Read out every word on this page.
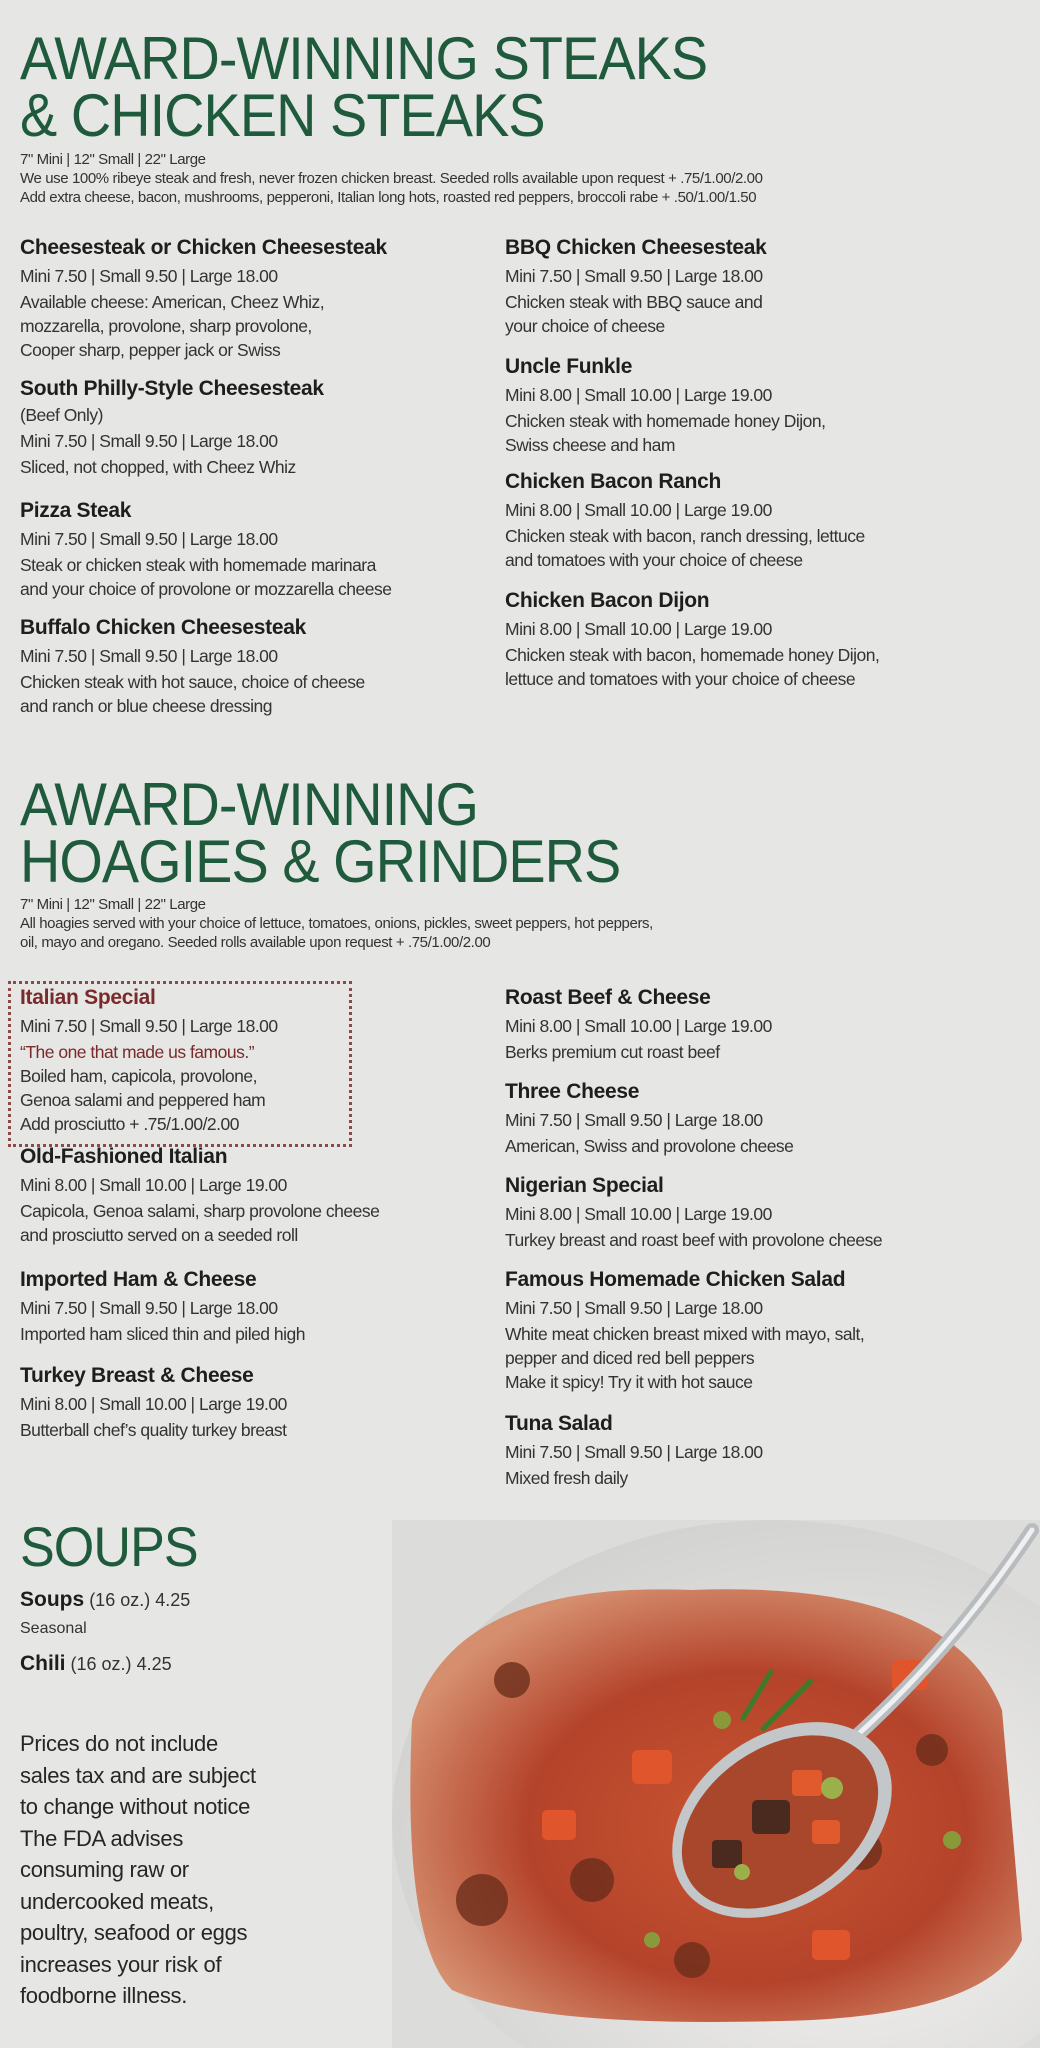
AWARD-WINNING STEAKS
& CHICKEN STEAKS
7" Mini | 12" Small | 22" Large
We use 100% ribeye steak and fresh, never frozen chicken breast. Seeded rolls available upon request + .75/1.00/2.00
Add extra cheese, bacon, mushrooms, pepperoni, Italian long hots, roasted red peppers, broccoli rabe + .50/1.00/1.50
Cheesesteak or Chicken Cheesesteak
Mini 7.50 | Small 9.50 | Large 18.00
Available cheese: American, Cheez Whiz,
mozzarella, provolone, sharp provolone,
Cooper sharp, pepper jack or Swiss
South Philly-Style Cheesesteak
(Beef Only)
Mini 7.50 | Small 9.50 | Large 18.00
Sliced, not chopped, with Cheez Whiz
Pizza Steak
Mini 7.50 | Small 9.50 | Large 18.00
Steak or chicken steak with homemade marinara
and your choice of provolone or mozzarella cheese
Buffalo Chicken Cheesesteak
Mini 7.50 | Small 9.50 | Large 18.00
Chicken steak with hot sauce, choice of cheese
and ranch or blue cheese dressing
BBQ Chicken Cheesesteak
Mini 7.50 | Small 9.50 | Large 18.00
Chicken steak with BBQ sauce and
your choice of cheese
Uncle Funkle
Mini 8.00 | Small 10.00 | Large 19.00
Chicken steak with homemade honey Dijon,
Swiss cheese and ham
Chicken Bacon Ranch
Mini 8.00 | Small 10.00 | Large 19.00
Chicken steak with bacon, ranch dressing, lettuce
and tomatoes with your choice of cheese
Chicken Bacon Dijon
Mini 8.00 | Small 10.00 | Large 19.00
Chicken steak with bacon, homemade honey Dijon,
lettuce and tomatoes with your choice of cheese
AWARD-WINNING
HOAGIES & GRINDERS
7" Mini | 12" Small | 22" Large
All hoagies served with your choice of lettuce, tomatoes, onions, pickles, sweet peppers, hot peppers,
oil, mayo and oregano. Seeded rolls available upon request + .75/1.00/2.00
Italian Special
Mini 7.50 | Small 9.50 | Large 18.00
“The one that made us famous.”
Boiled ham, capicola, provolone,
Genoa salami and peppered ham
Add prosciutto + .75/1.00/2.00
Old-Fashioned Italian
Mini 8.00 | Small 10.00 | Large 19.00
Capicola, Genoa salami, sharp provolone cheese
and prosciutto served on a seeded roll
Imported Ham & Cheese
Mini 7.50 | Small 9.50 | Large 18.00
Imported ham sliced thin and piled high
Turkey Breast & Cheese
Mini 8.00 | Small 10.00 | Large 19.00
Butterball chef’s quality turkey breast
Roast Beef & Cheese
Mini 8.00 | Small 10.00 | Large 19.00
Berks premium cut roast beef
Three Cheese
Mini 7.50 | Small 9.50 | Large 18.00
American, Swiss and provolone cheese
Nigerian Special
Mini 8.00 | Small 10.00 | Large 19.00
Turkey breast and roast beef with provolone cheese
Famous Homemade Chicken Salad
Mini 7.50 | Small 9.50 | Large 18.00
White meat chicken breast mixed with mayo, salt,
pepper and diced red bell peppers
Make it spicy! Try it with hot sauce
Tuna Salad
Mini 7.50 | Small 9.50 | Large 18.00
Mixed fresh daily
SOUPS
Soups (16 oz.) 4.25
Seasonal
Chili (16 oz.) 4.25
Prices do not include
sales tax and are subject
to change without notice
The FDA advises
consuming raw or
undercooked meats,
poultry, seafood or eggs
increases your risk of
foodborne illness.
